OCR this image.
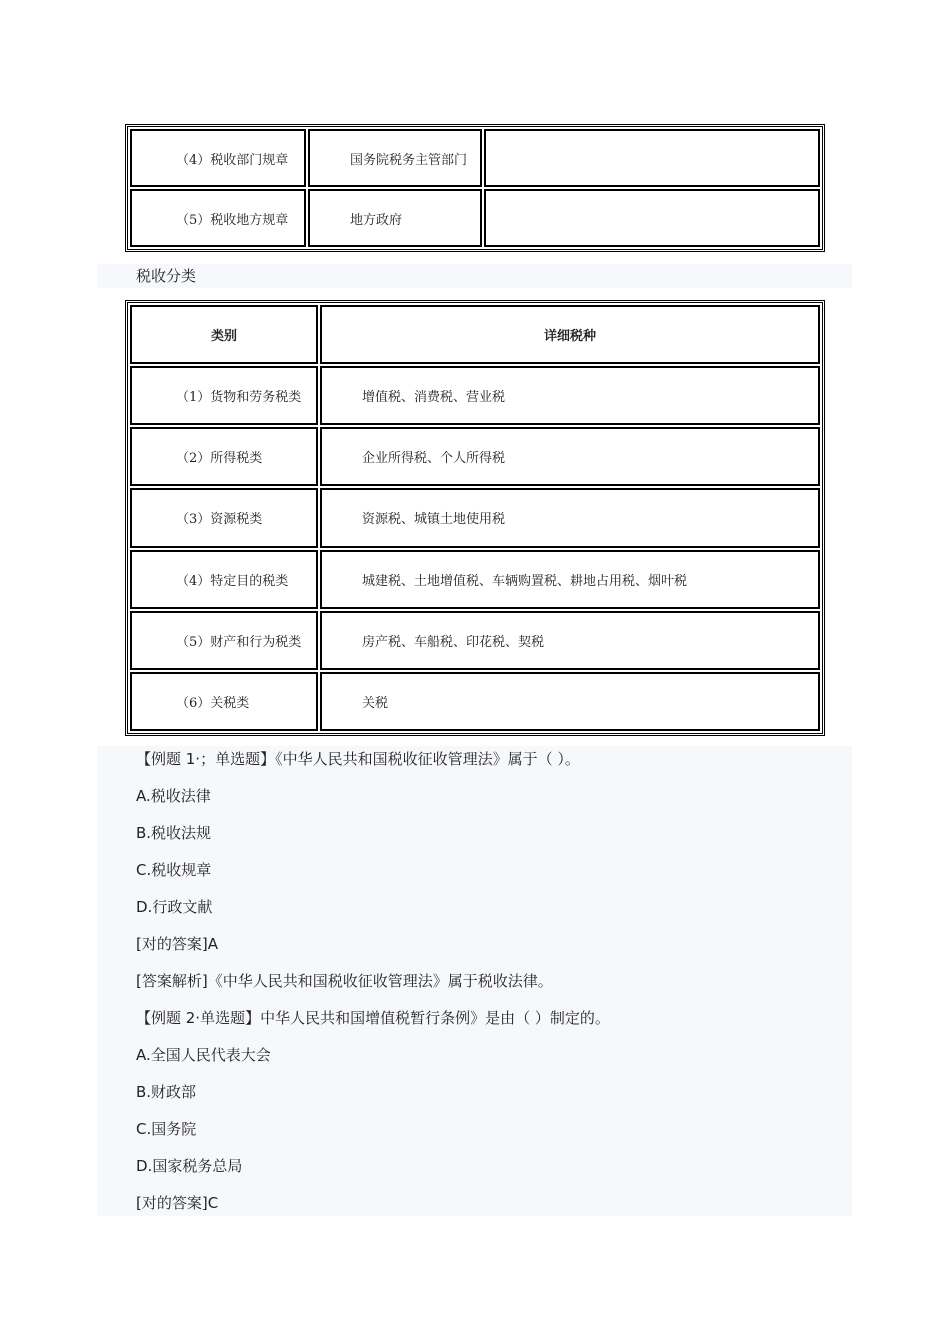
（4）税收部门规章	国务院税务主管部门	
（5）税收地方规章	地方政府	
税收分类
类别	详细税种
（1）货物和劳务税类	增值税、消费税、营业税
（2）所得税类	企业所得税、个人所得税
（3）资源税类	资源税、城镇土地使用税
（4）特定目的税类	城建税、土地增值税、车辆购置税、耕地占用税、烟叶税
（5）财产和行为税类	房产税、车船税、印花税、契税
（6）关税类	关税
【例题 1·；单选题】《中华人民共和国税收征收管理法》属于（ ）。
A.税收法律
B.税收法规
C.税收规章
D.行政文献
[对的答案]A
[答案解析]《中华人民共和国税收征收管理法》属于税收法律。
【例题 2·单选题】中华人民共和国增值税暂行条例》是由（ ）制定的。
A.全国人民代表大会
B.财政部
C.国务院
D.国家税务总局
[对的答案]C
